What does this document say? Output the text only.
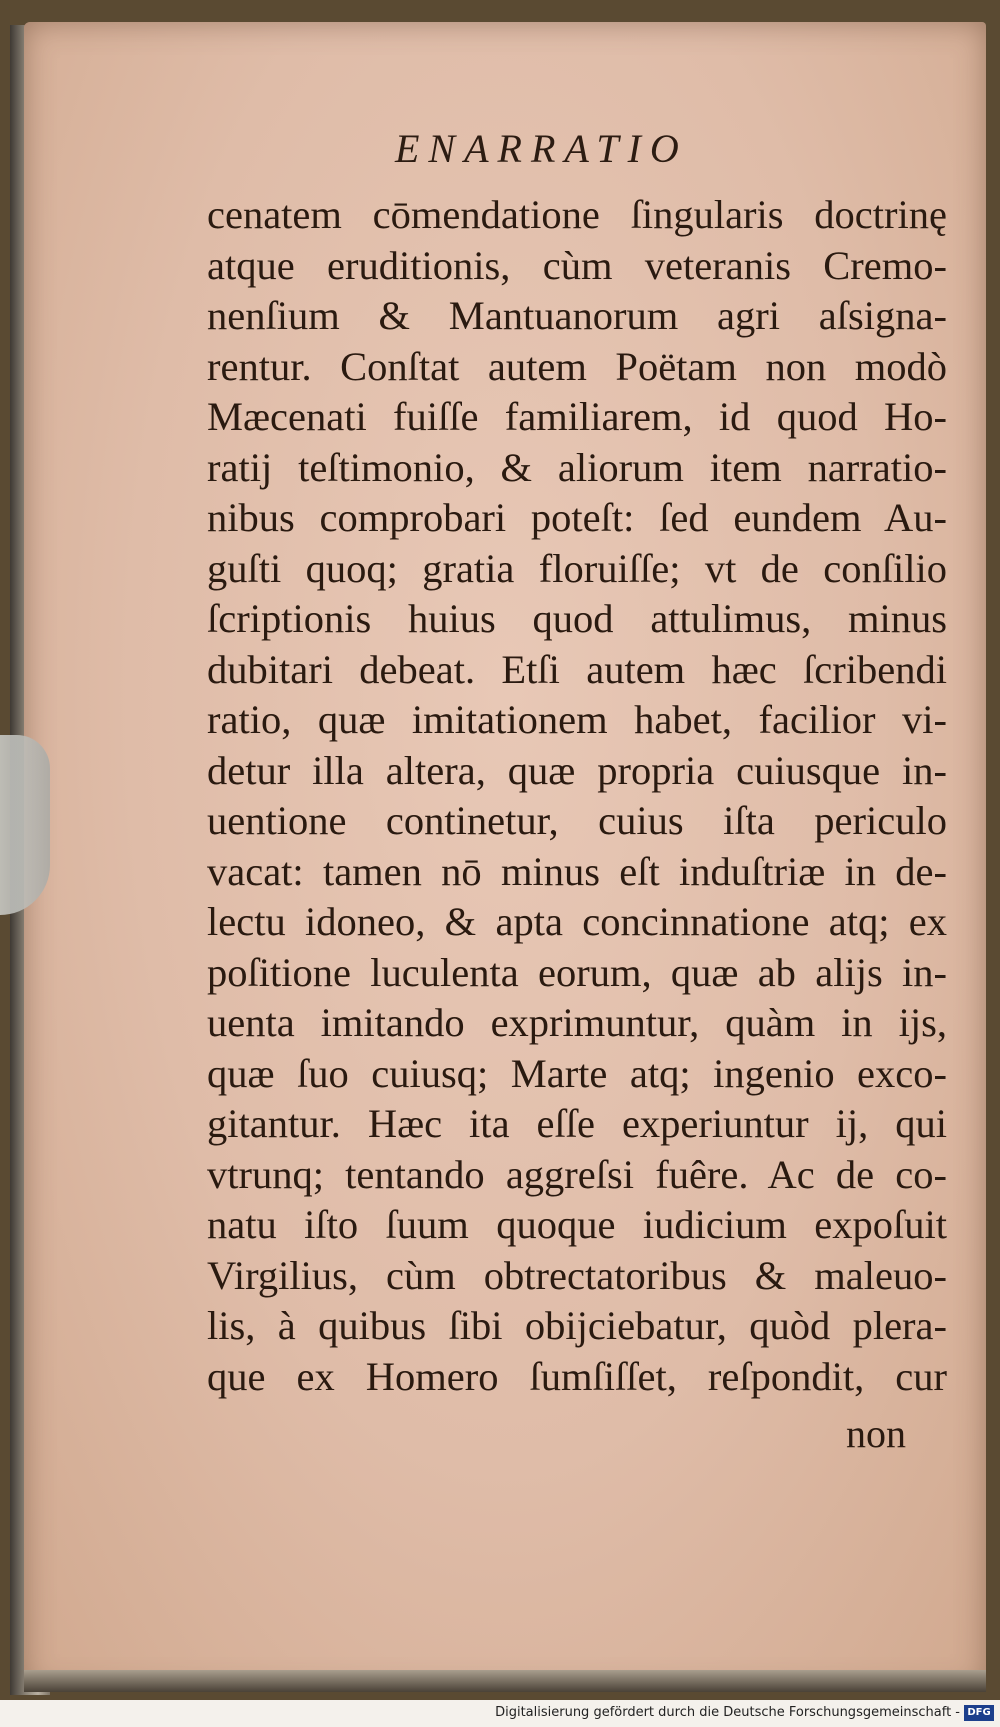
ENARRATIO
cenatem cōmendatione ſingularis doctrinę
atque eruditionis, cùm veteranis Cremo-
nenſium & Mantuanorum agri aſsigna-
rentur. Conſtat autem Poëtam non modò
Mæcenati fuiſſe familiarem, id quod Ho-
ratij teſtimonio, & aliorum item narratio-
nibus comprobari poteſt: ſed eundem Au-
guſti quoq; gratia floruiſſe; vt de conſilio
ſcriptionis huius quod attulimus, minus
dubitari debeat. Etſi autem hæc ſcribendi
ratio, quæ imitationem habet, facilior vi-
detur illa altera, quæ propria cuiusque in-
uentione continetur, cuius iſta periculo
vacat: tamen nō minus eſt induſtriæ in de-
lectu idoneo, & apta concinnatione atq; ex
poſitione luculenta eorum, quæ ab alijs in-
uenta imitando exprimuntur, quàm in ijs,
quæ ſuo cuiusq; Marte atq; ingenio exco-
gitantur. Hæc ita eſſe experiuntur ij, qui
vtrunq; tentando aggreſsi fuêre. Ac de co-
natu iſto ſuum quoque iudicium expoſuit
Virgilius, cùm obtrectatoribus & maleuo-
lis, à quibus ſibi obijciebatur, quòd plera-
que ex Homero ſumſiſſet, reſpondit, cur
non
Digitalisierung gefördert durch die Deutsche Forschungsgemeinschaft - DFG
